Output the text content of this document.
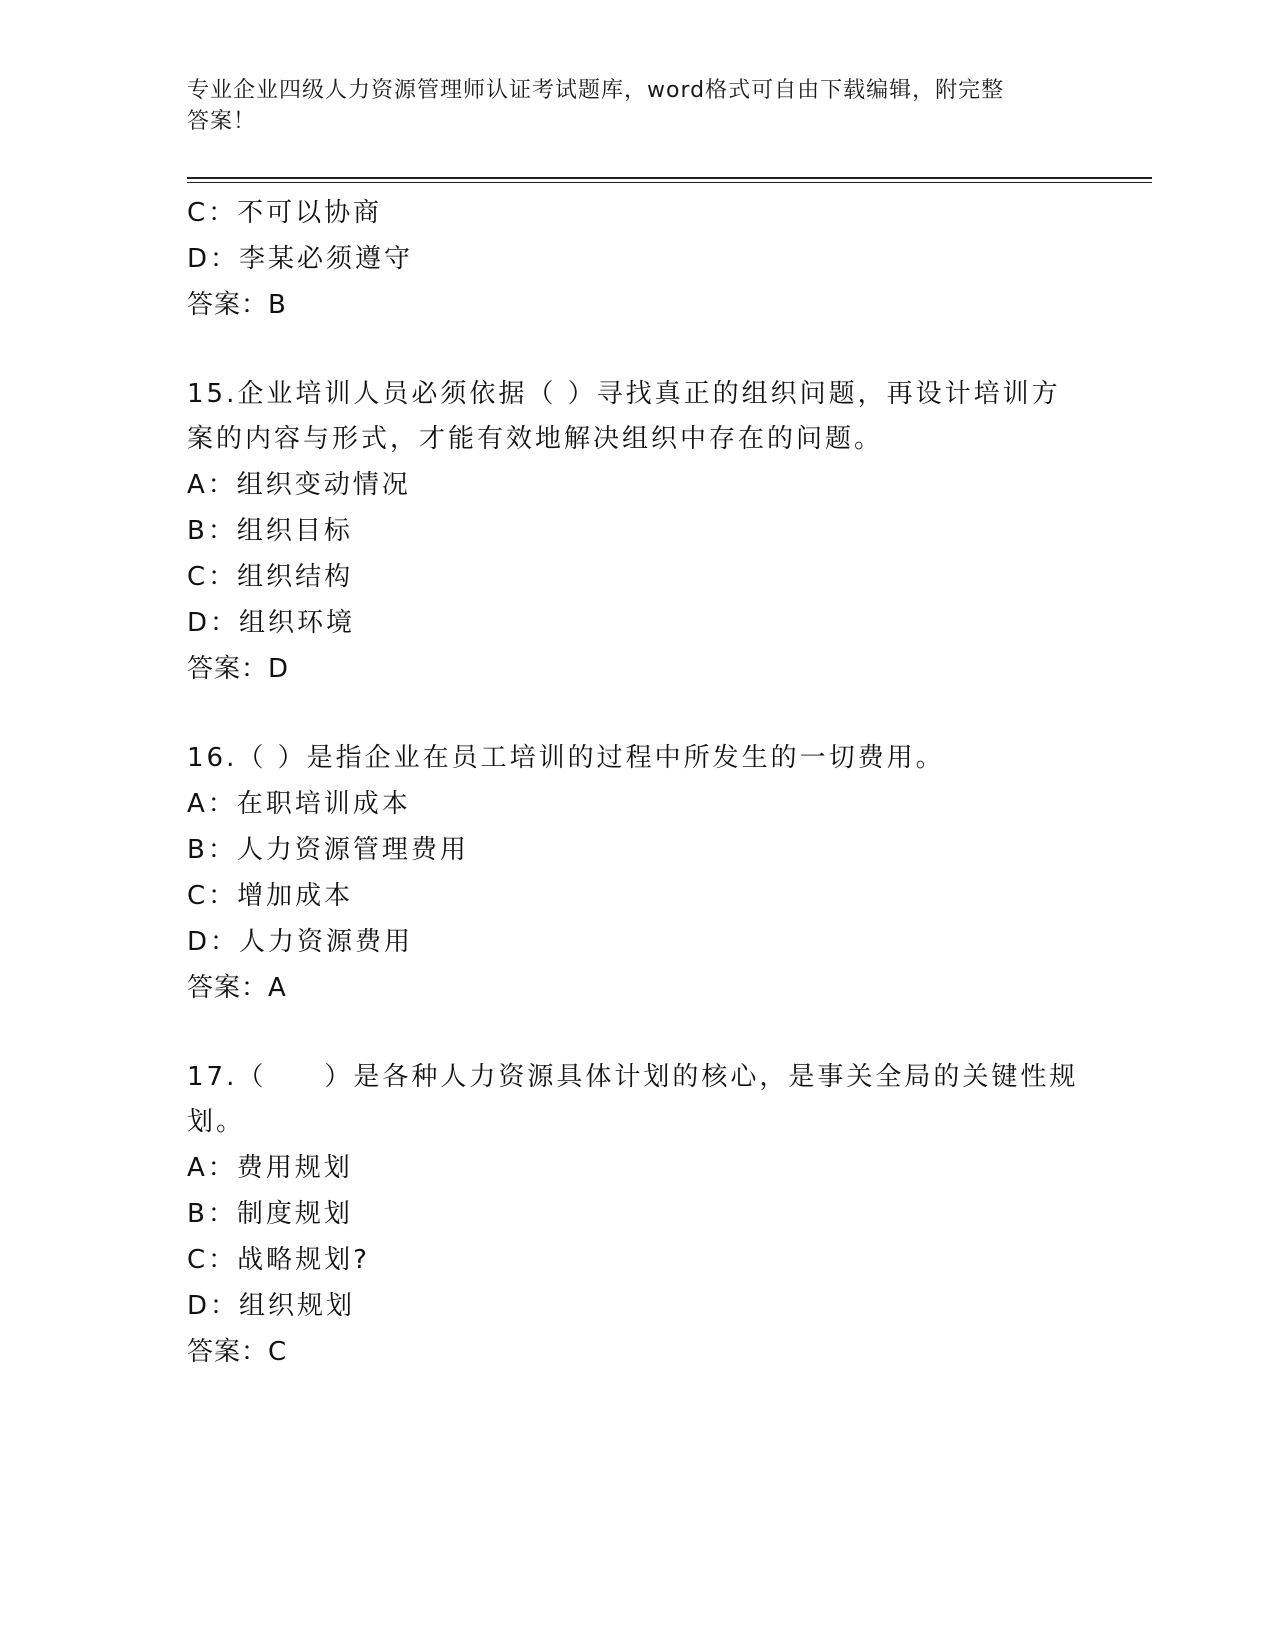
专业企业四级人力资源管理师认证考试题库，word格式可自由下载编辑，附完整
答案！
C：不可以协商
D：李某必须遵守
答案：B
15.企业培训人员必须依据（ ）寻找真正的组织问题，再设计培训方
案的内容与形式，才能有效地解决组织中存在的问题。
A：组织变动情况
B：组织目标
C：组织结构
D：组织环境
答案：D
16.（ ）是指企业在员工培训的过程中所发生的一切费用。
A：在职培训成本
B：人力资源管理费用
C：增加成本
D：人力资源费用
答案：A
17.（　　）是各种人力资源具体计划的核心，是事关全局的关键性规
划。
A：费用规划
B：制度规划
C：战略规划?
D：组织规划
答案：C
